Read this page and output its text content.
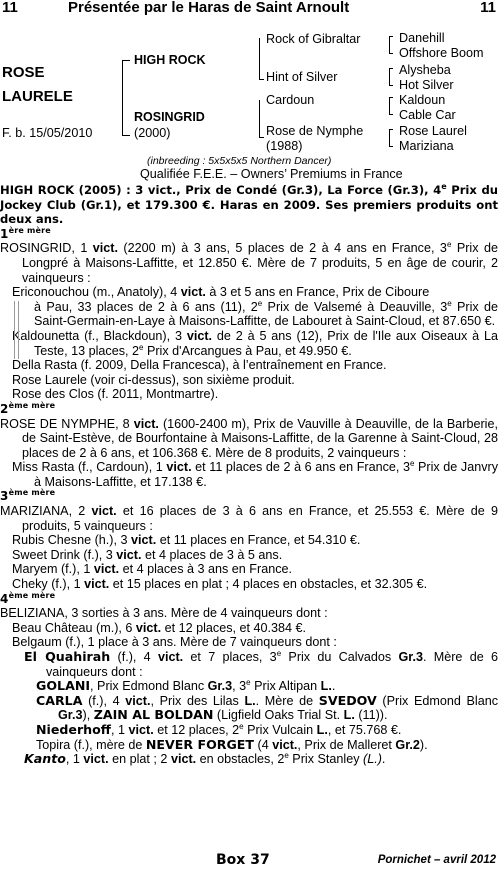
11	Présentée par le Haras de Saint Arnoult	11
ROSE
LAURELE
F. b. 15/05/2010
HIGH ROCK
ROSINGRID
(2000)
Rock of Gibraltar
Hint of Silver
Cardoun
Rose de Nymphe
(1988)
Danehill
Offshore Boom
Alysheba
Hot Silver
Kaldoun
Cable Car
Rose Laurel
Mariziana
(inbreeding : 5x5x5x5 Northern Dancer)
Qualifiée F.E.E. – Owners’ Premiums in France
HIGH ROCK (2005) : 3 vict., Prix de Condé (Gr.3), La Force (Gr.3), 4e Prix du Jockey Club (Gr.1), et 179.300 €. Haras en 2009. Ses premiers produits ont deux ans.
$1^{ère mère}$

ROSINGRID, 1 vict. (2200 m) à 3 ans, 5 places de 2 à 4 ans en France, 3e Prix de Longpré à Maisons-Laffitte, et 12.850 €. Mère de 7 produits, 5 en âge de courir, 2 vainqueurs :

Ericonouchou (m., Anatoly), 4 vict. à 3 et 5 ans en France, Prix de Ciboure

à Pau, 33 places de 2 à 6 ans (11), 2e Prix de Valsemé à Deauville, 3e Prix de Saint-Germain-en-Laye à Maisons-Laffitte, de Labouret à Saint-Cloud, et 87.650 €.

Kaldounetta (f., Blackdoun), 3 vict. de 2 à 5 ans (12), Prix de l'Ile aux Oiseaux à La Teste, 13 places, 2e Prix d'Arcangues à Pau, et 49.950 €.

Della Rasta (f. 2009, Della Francesca), à l’entraînement en France.

Rose Laurele (voir ci-dessus), son sixième produit.

Rose des Clos (f. 2011, Montmartre).

$2^{ème mère}$

ROSE DE NYMPHE, 8 vict. (1600-2400 m), Prix de Vauville à Deauville, de la Barberie, de Saint-Estève, de Bourfontaine à Maisons-Laffitte, de la Garenne à Saint-Cloud, 28 places de 2 à 6 ans, et 106.368 €. Mère de 8 produits, 2 vainqueurs :

Miss Rasta (f., Cardoun), 1 vict. et 11 places de 2 à 6 ans en France, 3e Prix de Janvry à Maisons-Laffitte, et 17.138 €.

$3^{ème mère}$

MARIZIANA, 2 vict. et 16 places de 3 à 6 ans en France, et 25.553 €. Mère de 9 produits, 5 vainqueurs :

Rubis Chesne (h.), 3 vict. et 11 places en France, et 54.310 €.

Sweet Drink (f.), 3 vict. et 4 places de 3 à 5 ans.

Maryem (f.), 1 vict. et 4 places à 3 ans en France.

Cheky (f.), 1 vict. et 15 places en plat ; 4 places en obstacles, et 32.305 €.

$4^{ème mère}$

BELIZIANA, 3 sorties à 3 ans. Mère de 4 vainqueurs dont :

Beau Château (m.), 6 vict. et 12 places, et 40.384 €.

Belgaum (f.), 1 place à 3 ans. Mère de 7 vainqueurs dont :

El Quahirah (f.), 4 vict. et 7 places, 3e Prix du Calvados Gr.3. Mère de 6 vainqueurs dont :

GOLANI, Prix Edmond Blanc Gr.3, 3e Prix Altipan L..

CARLA (f.), 4 vict., Prix des Lilas L.. Mère de SVEDOV (Prix Edmond Blanc Gr.3), ZAIN AL BOLDAN (Ligfield Oaks Trial St. L. (11)).

Niederhoff, 1 vict. et 12 places, 2e Prix Vulcain L., et 75.768 €.

Topira (f.), mère de NEVER FORGET (4 vict., Prix de Malleret Gr.2).

Kanto, 1 vict. en plat ; 2 vict. en obstacles, 2e Prix Stanley (L.).

Box 37	Pornichet – avril 2012
